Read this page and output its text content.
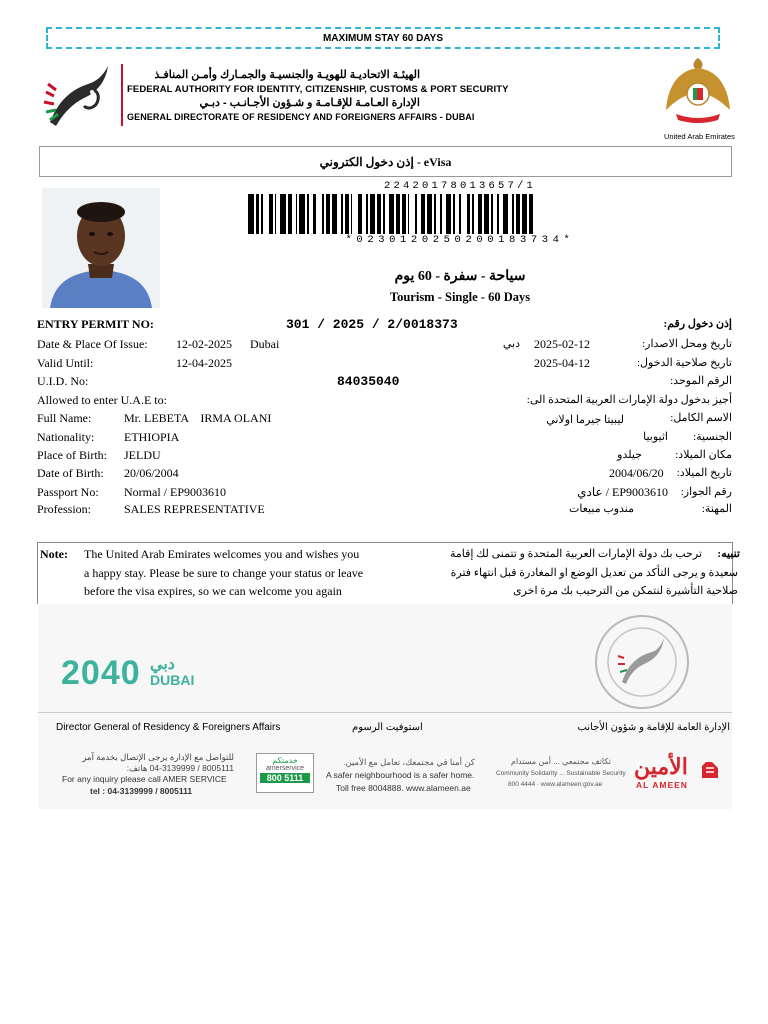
MAXIMUM STAY 60 DAYS
الهيئـة الاتحاديـة للهويـة والجنسيـة والجمـارك وأمـن المنافـذ
FEDERAL AUTHORITY FOR IDENTITY, CITIZENSHIP, CUSTOMS & PORT SECURITY
الإدارة العـامـة للإقـامـة و شـؤون الأجـانـب - دبـي
GENERAL DIRECTORATE OF RESIDENCY AND FOREIGNERS AFFAIRS - DUBAI
United Arab Emirates
إذن دخول الكتروني - eVisa
22420178013657/1
*0230120250200183734*
سياحة - سفرة - 60 يوم
Tourism - Single - 60 Days
ENTRY PERMIT NO:	301 / 2025 / 2/0018373	إذن دخول رقم:
Date & Place Of Issue: 12-02-2025 Dubai	دبي 2025-02-12	تاريخ ومحل الاصدار:
Valid Until:	12-04-2025	2025-04-12	تاريخ صلاحية الدخول:
U.I.D. No:	84035040	الرقم الموحد:
Allowed to enter U.A.E to:	أجيز بدخول دولة الإمارات العربية المتحدة الى:
Full Name:	Mr. LEBETA    IRMA OLANI	ليبيتا جيرما اولاني	الاسم الكامل:
Nationality: ETHIOPIA	اثيوبيا الجنسية:
Place of Birth: JELDU	جيلدو	مكان الميلاد:
Date of Birth: 20/06/2004	2004/06/20 تاريخ الميلاد:
Passport No: Normal / EP9003610	EP9003610 / عادي رقم الجواز:
Profession:	SALES REPRESENTATIVE	مندوب مبيعات	المهنة:
Note: The United Arab Emirates welcomes you and wishes you
a happy stay. Please be sure to change your status or leave
before the visa expires, so we can welcome you again
تنبيه:
ترحب بك دولة الإمارات العربية المتحدة و تتمنى لك إقامة
سعيدة و يرجى التأكد من تعديل الوضع او المغادرة قبل انتهاء فترة
صلاحية التأشيرة لنتمكن من الترحيب بك مرة اخرى
2040 دبي
DUBAI
Director General of Residency & Foreigners Affairs	استوفيت الرسوم	الإدارة العامة للإقامة و شؤون الأجانب
للتواصل مع الإدارة يرجى الإتصال بخدمة آمر
8005111 / 04-3139999 هاتف:
For any inquiry please call AMER SERVICE
tel : 04-3139999 / 8005111
خدمتكم
amerservice
800 5111
كن أمنا في مجتمعك، تعامل مع الأمين.
A safer neighbourhood is a safer home.
Toll free 8004888. www.alameen.ae
تكاتف مجتمعي ... أمن مستدام
Community Solidarity ... Sustainable Security
800 4444 · www.alameen.gov.ae
الأمين
AL AMEEN
